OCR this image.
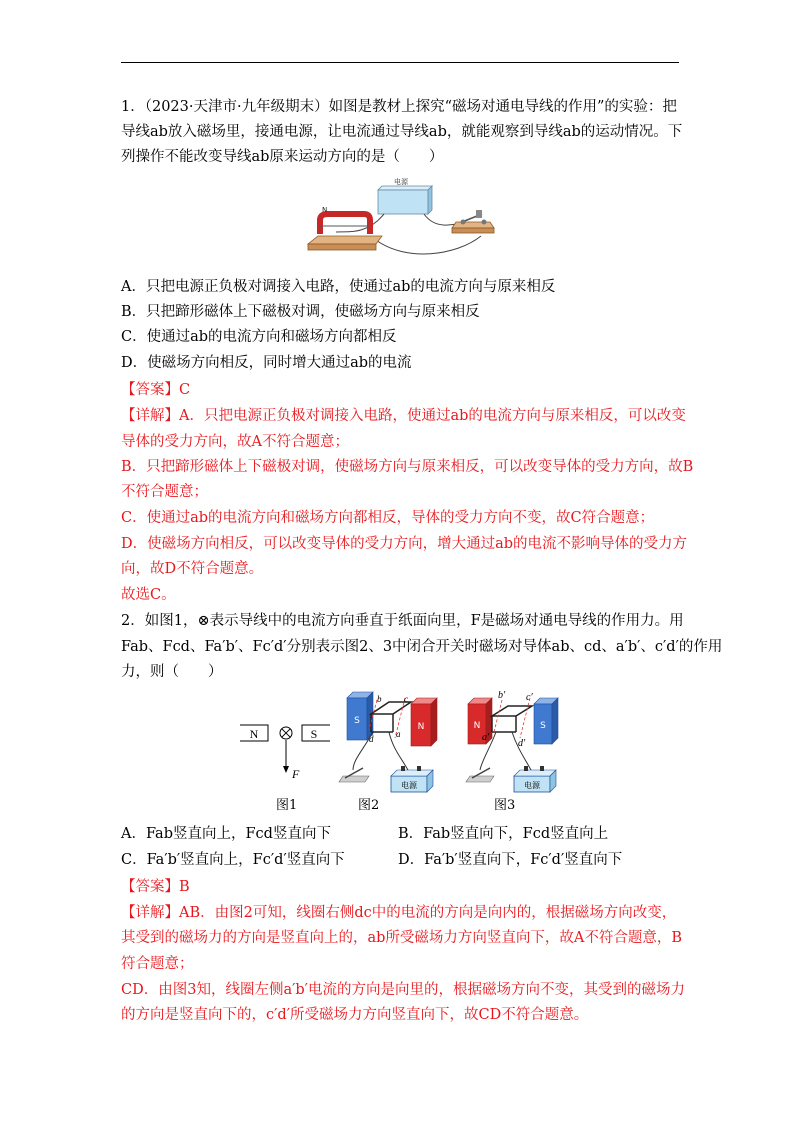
1．（2023·天津市·九年级期末）如图是教材上探究“磁场对通电导线的作用”的实验：把
导线ab放入磁场里，接通电源，让电流通过导线ab，就能观察到导线ab的运动情况。下
列操作不能改变导线ab原来运动方向的是（　　）
电源
N
A．只把电源正负极对调接入电路，使通过ab的电流方向与原来相反
B．只把蹄形磁体上下磁极对调，使磁场方向与原来相反
C．使通过ab的电流方向和磁场方向都相反
D．使磁场方向相反，同时增大通过ab的电流
【答案】C
【详解】A．只把电源正负极对调接入电路，使通过ab的电流方向与原来相反，可以改变
导体的受力方向，故A不符合题意；
B．只把蹄形磁体上下磁极对调，使磁场方向与原来相反，可以改变导体的受力方向，故B
不符合题意；
C．使通过ab的电流方向和磁场方向都相反，导体的受力方向不变，故C符合题意；
D．使磁场方向相反，可以改变导体的受力方向，增大通过ab的电流不影响导体的受力方
向，故D不符合题意。
故选C。
2．如图1，⊗表示导线中的电流方向垂直于纸面向里，F是磁场对通电导线的作用力。用
Fab、Fcd、Fa′b′、Fc′d′分别表示图2、3中闭合开关时磁场对导体ab、cd、a′b′、c′d′的作用
力，则（　　）
N	S
F
图1
S
N
b	c
a
d
电源
图2
N	S
b′ c′
a′
d′
电源
图3
A．Fab竖直向上，Fcd竖直向下	B．Fab竖直向下，Fcd竖直向上
C．Fa′b′竖直向上，Fc′d′竖直向下	D．Fa′b′竖直向下，Fc′d′竖直向下
【答案】B
【详解】AB．由图2可知，线圈右侧dc中的电流的方向是向内的，根据磁场方向改变，
其受到的磁场力的方向是竖直向上的，ab所受磁场力方向竖直向下，故A不符合题意，B
符合题意；
CD．由图3知，线圈左侧a′b′电流的方向是向里的，根据磁场方向不变，其受到的磁场力
的方向是竖直向下的，c′d′所受磁场力方向竖直向下，故CD不符合题意。
